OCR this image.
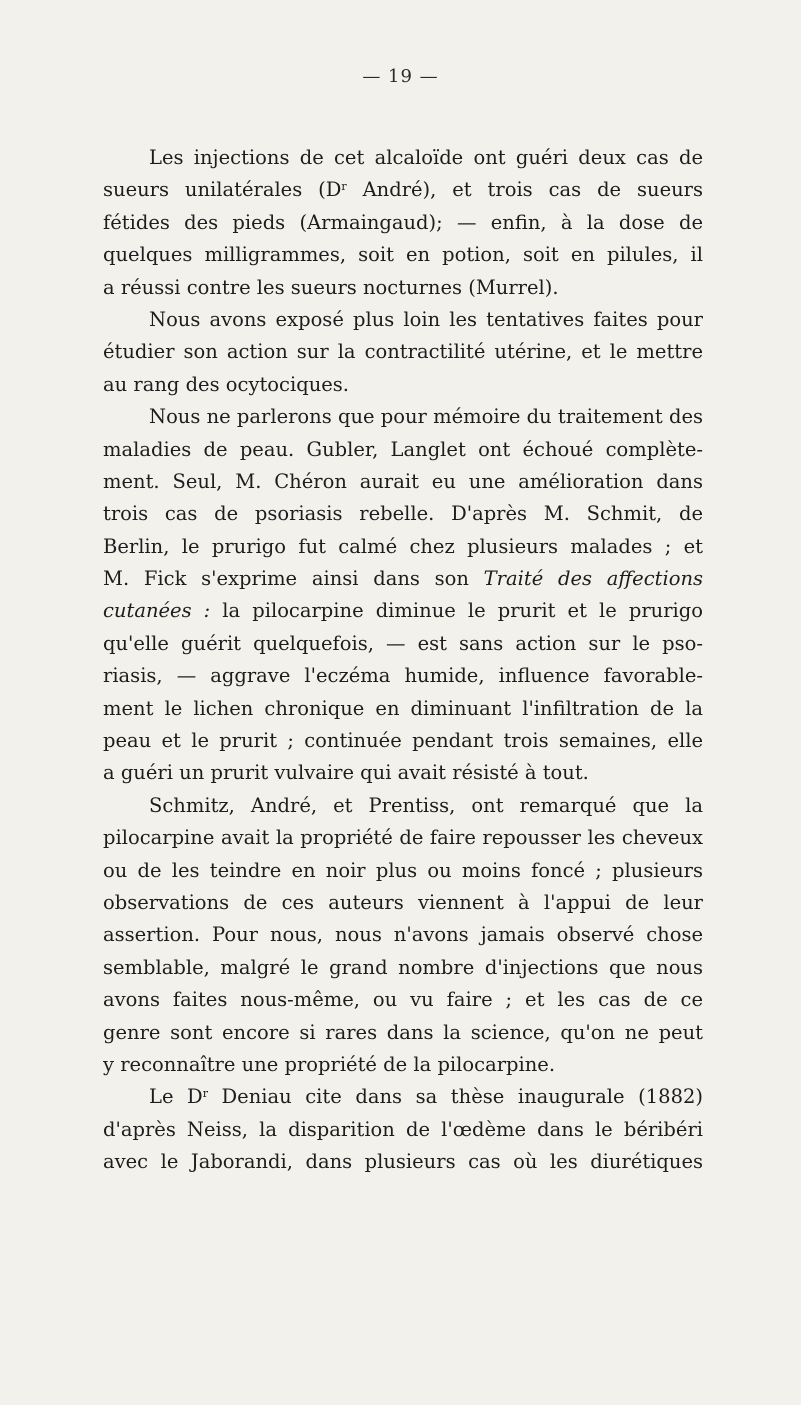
— 19 —
Les injections de cet alcaloïde ont guéri deux cas de
sueurs unilatérales ($D^r$ André), et trois cas de sueurs
fétides des pieds (Armaingaud); — enfin, à la dose de
quelques milligrammes, soit en potion, soit en pilules, il
a réussi contre les sueurs nocturnes (Murrel).
Nous avons exposé plus loin les tentatives faites pour
étudier son action sur la contractilité utérine, et le mettre
au rang des ocytociques.
Nous ne parlerons que pour mémoire du traitement des
maladies de peau. Gubler, Langlet ont échoué complète-
ment. Seul, M. Chéron aurait eu une amélioration dans
trois cas de psoriasis rebelle. D'après M. Schmit, de
Berlin, le prurigo fut calmé chez plusieurs malades ; et
M. Fick s'exprime ainsi dans son Traité des affections
cutanées : la pilocarpine diminue le prurit et le prurigo
qu'elle guérit quelquefois, — est sans action sur le pso-
riasis, — aggrave l'eczéma humide, influence favorable-
ment le lichen chronique en diminuant l'infiltration de la
peau et le prurit ; continuée pendant trois semaines, elle
a guéri un prurit vulvaire qui avait résisté à tout.
Schmitz, André, et Prentiss, ont remarqué que la
pilocarpine avait la propriété de faire repousser les cheveux
ou de les teindre en noir plus ou moins foncé ; plusieurs
observations de ces auteurs viennent à l'appui de leur
assertion. Pour nous, nous n'avons jamais observé chose
semblable, malgré le grand nombre d'injections que nous
avons faites nous-même, ou vu faire ; et les cas de ce
genre sont encore si rares dans la science, qu'on ne peut
y reconnaître une propriété de la pilocarpine.
Le $D^r$ Deniau cite dans sa thèse inaugurale (1882)
d'après Neiss, la disparition de l'œdème dans le béribéri
avec le Jaborandi, dans plusieurs cas où les diurétiques
